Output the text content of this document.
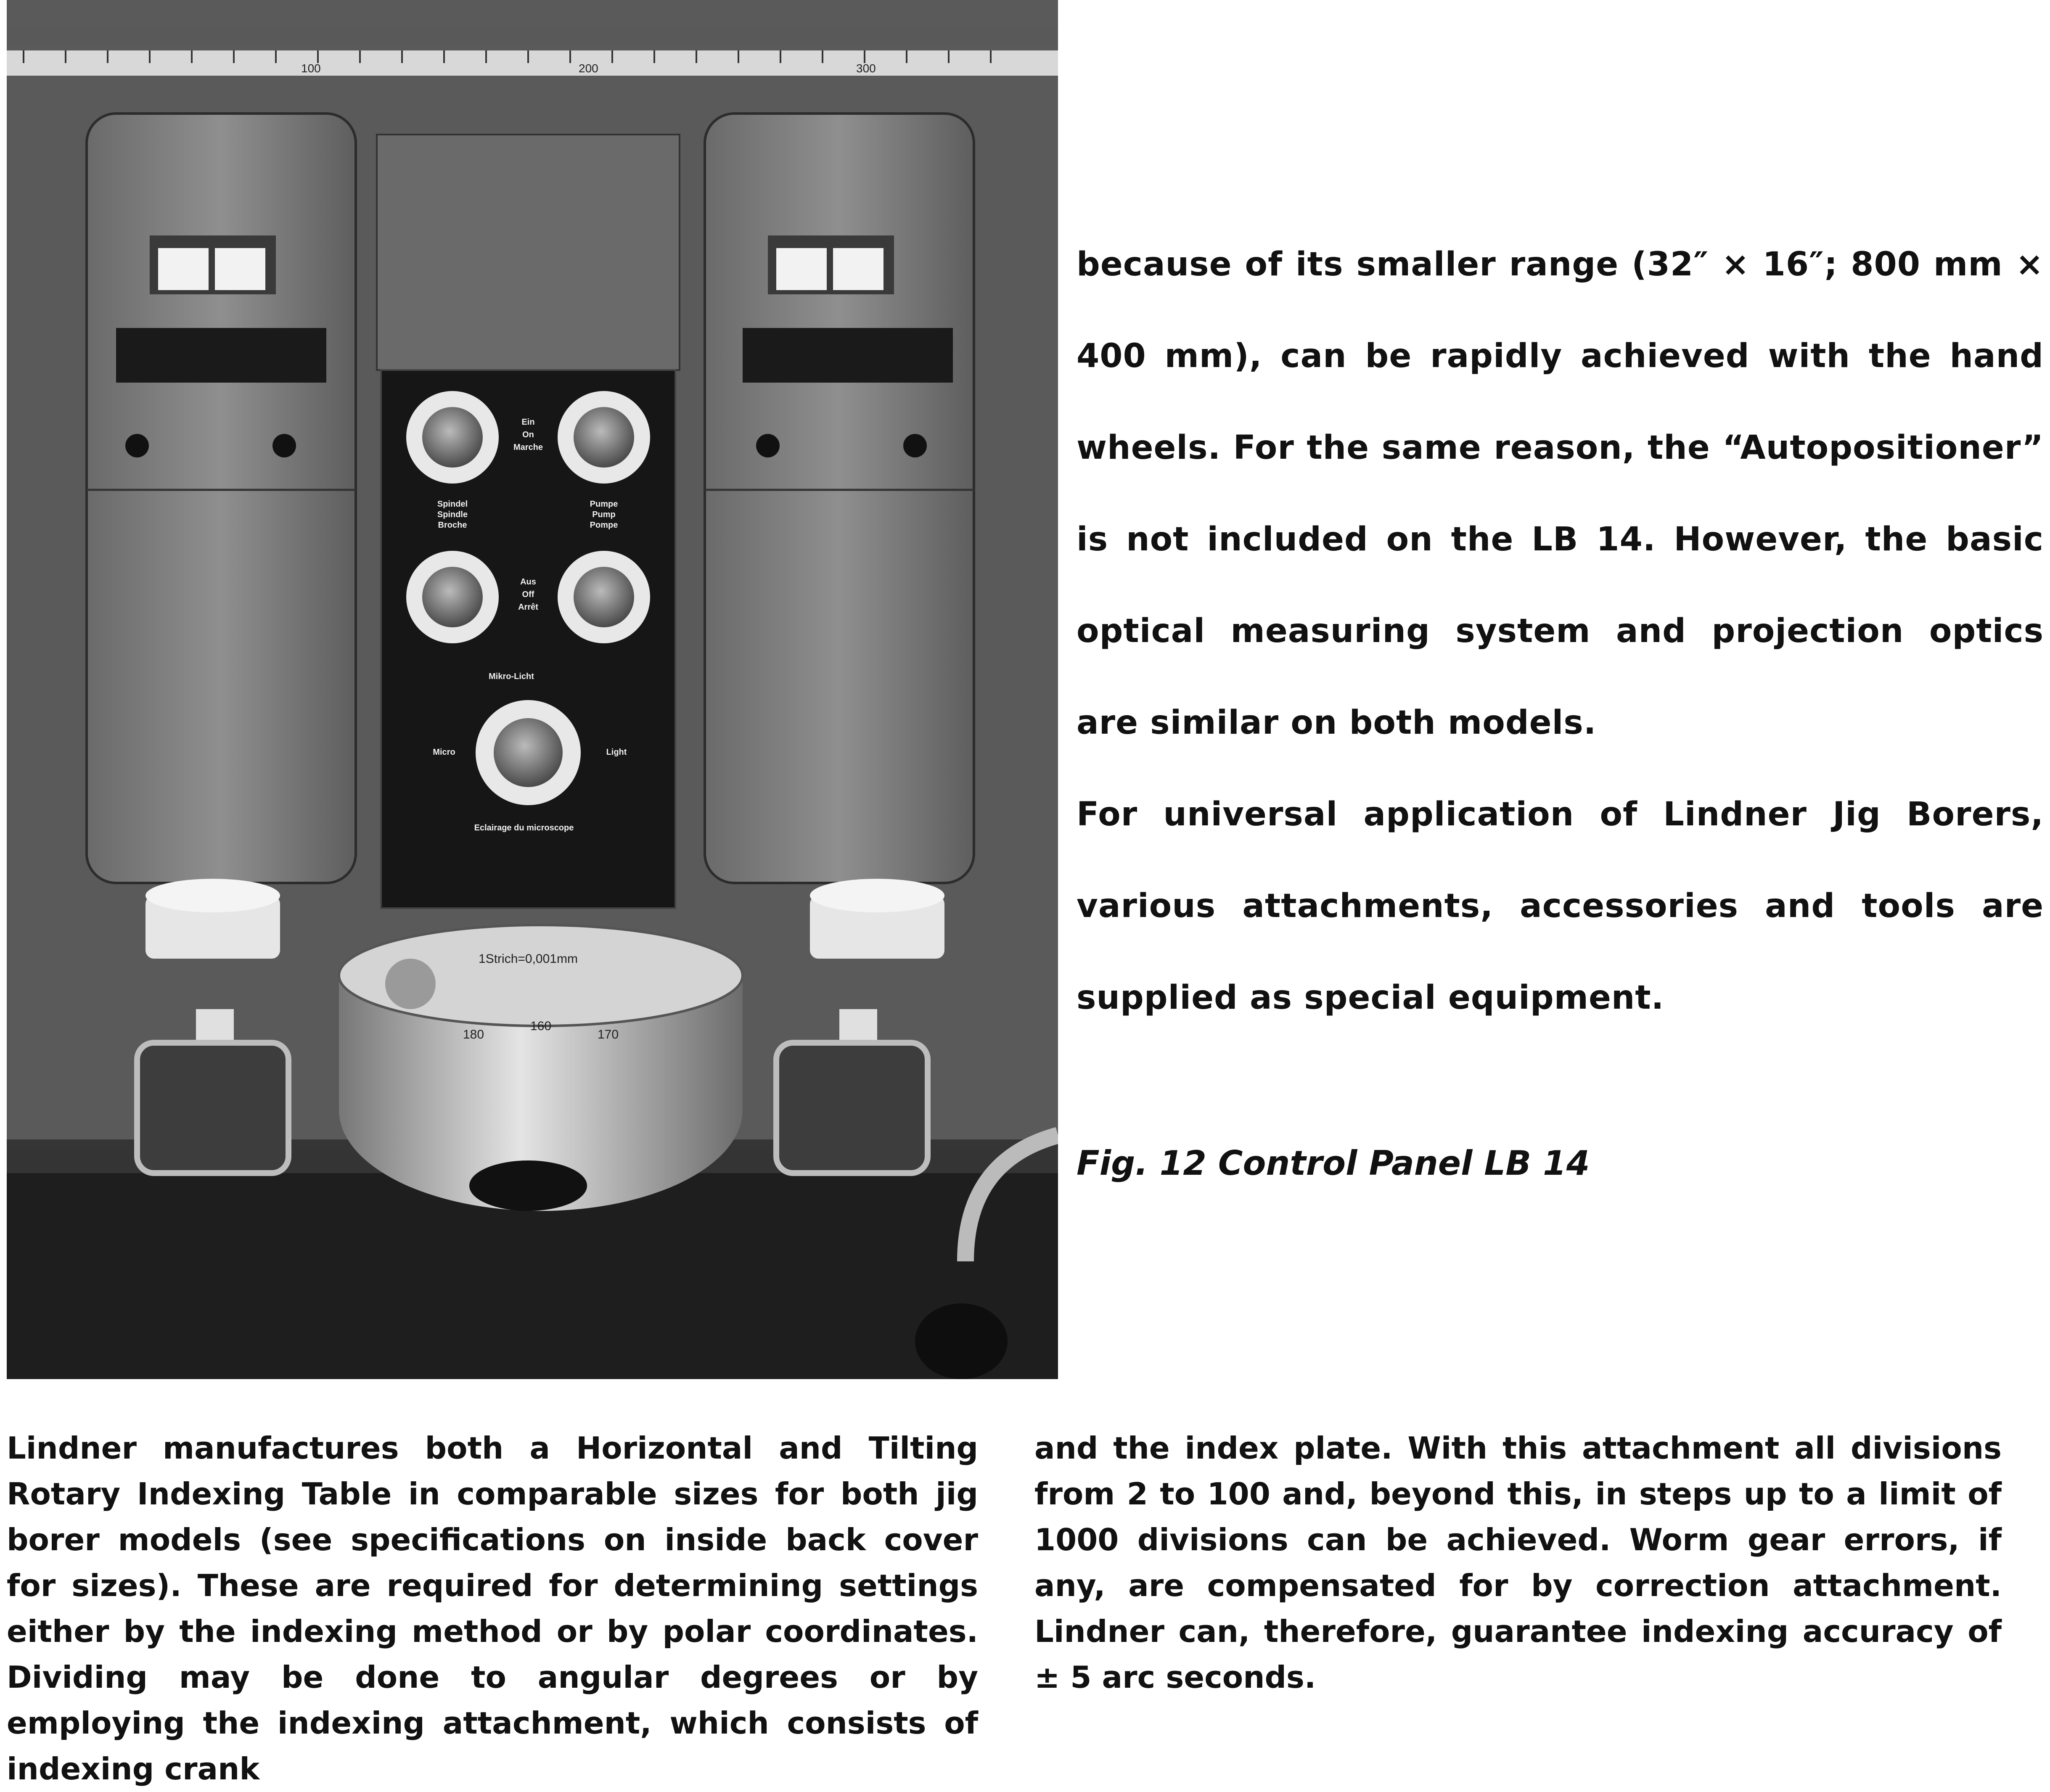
100	200	300
Ein
On
Marche
Spindel
Spindle
Broche
Pumpe
Pump
Pompe
Aus
Off
Arrêt
Mikro-Licht
Micro	Light
Eclairage du microscope
1Strich=0,001mm
180
160
170

because of its smaller range (32″ × 16″; 800 mm × 400 mm), can be rapidly achieved with the hand wheels. For the same reason, the “Autopositioner” is not included on the LB 14. However, the basic optical measuring system and projection optics are similar on both models.

For universal application of Lindner Jig Borers, various attachments, accessories and tools are supplied as special equipment.

Fig. 12 Control Panel LB 14
Lindner manufactures both a Horizontal and Tilting Rotary Indexing Table in comparable sizes for both jig borer models (see specifications on inside back cover for sizes). These are required for determining settings either by the indexing method or by polar coordinates. Dividing may be done to angular degrees or by employing the indexing attachment, which consists of indexing crank
and the index plate. With this attachment all divisions from 2 to 100 and, beyond this, in steps up to a limit of 1000 divisions can be achieved. Worm gear errors, if any, are compensated for by correction attachment. Lindner can, therefore, guarantee indexing accuracy of ± 5 arc seconds.
